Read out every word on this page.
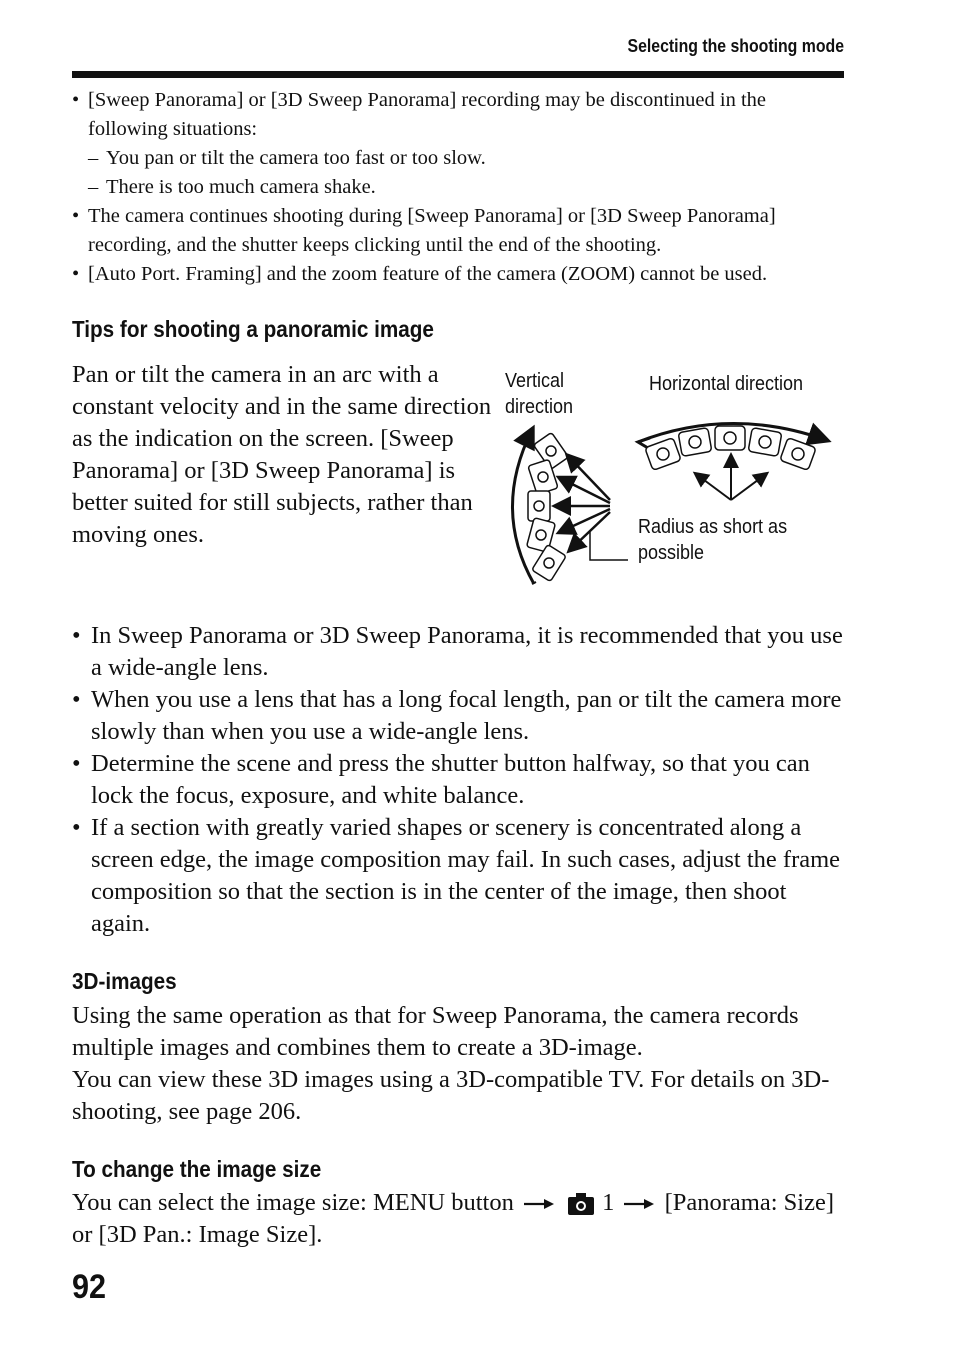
Selecting the shooting mode
• [Sweep Panorama] or [3D Sweep Panorama] recording may be discontinued in the following situations:
– You pan or tilt the camera too fast or too slow.
– There is too much camera shake.
• The camera continues shooting during [Sweep Panorama] or [3D Sweep Panorama] recording, and the shutter keeps clicking until the end of the shooting.
• [Auto Port. Framing] and the zoom feature of the camera (ZOOM) cannot be used.
Tips for shooting a panoramic image
Pan or tilt the camera in an arc with a constant velocity and in the same direction as the indication on the screen. [Sweep Panorama] or [3D Sweep Panorama] is better suited for still subjects, rather than moving ones.
Vertical direction
Horizontal direction
Radius as short as possible
• In Sweep Panorama or 3D Sweep Panorama, it is recommended that you use a wide-angle lens.
• When you use a lens that has a long focal length, pan or tilt the camera more slowly than when you use a wide-angle lens.
• Determine the scene and press the shutter button halfway, so that you can lock the focus, exposure, and white balance.
• If a section with greatly varied shapes or scenery is concentrated along a screen edge, the image composition may fail. In such cases, adjust the frame composition so that the section is in the center of the image, then shoot again.
3D-images
Using the same operation as that for Sweep Panorama, the camera records multiple images and combines them to create a 3D-image.
You can view these 3D images using a 3D-compatible TV. For details on 3D-shooting, see page 206.
To change the image size
You can select the image size: MENU button	1 [Panorama: Size] or [3D Pan.: Image Size].
92
